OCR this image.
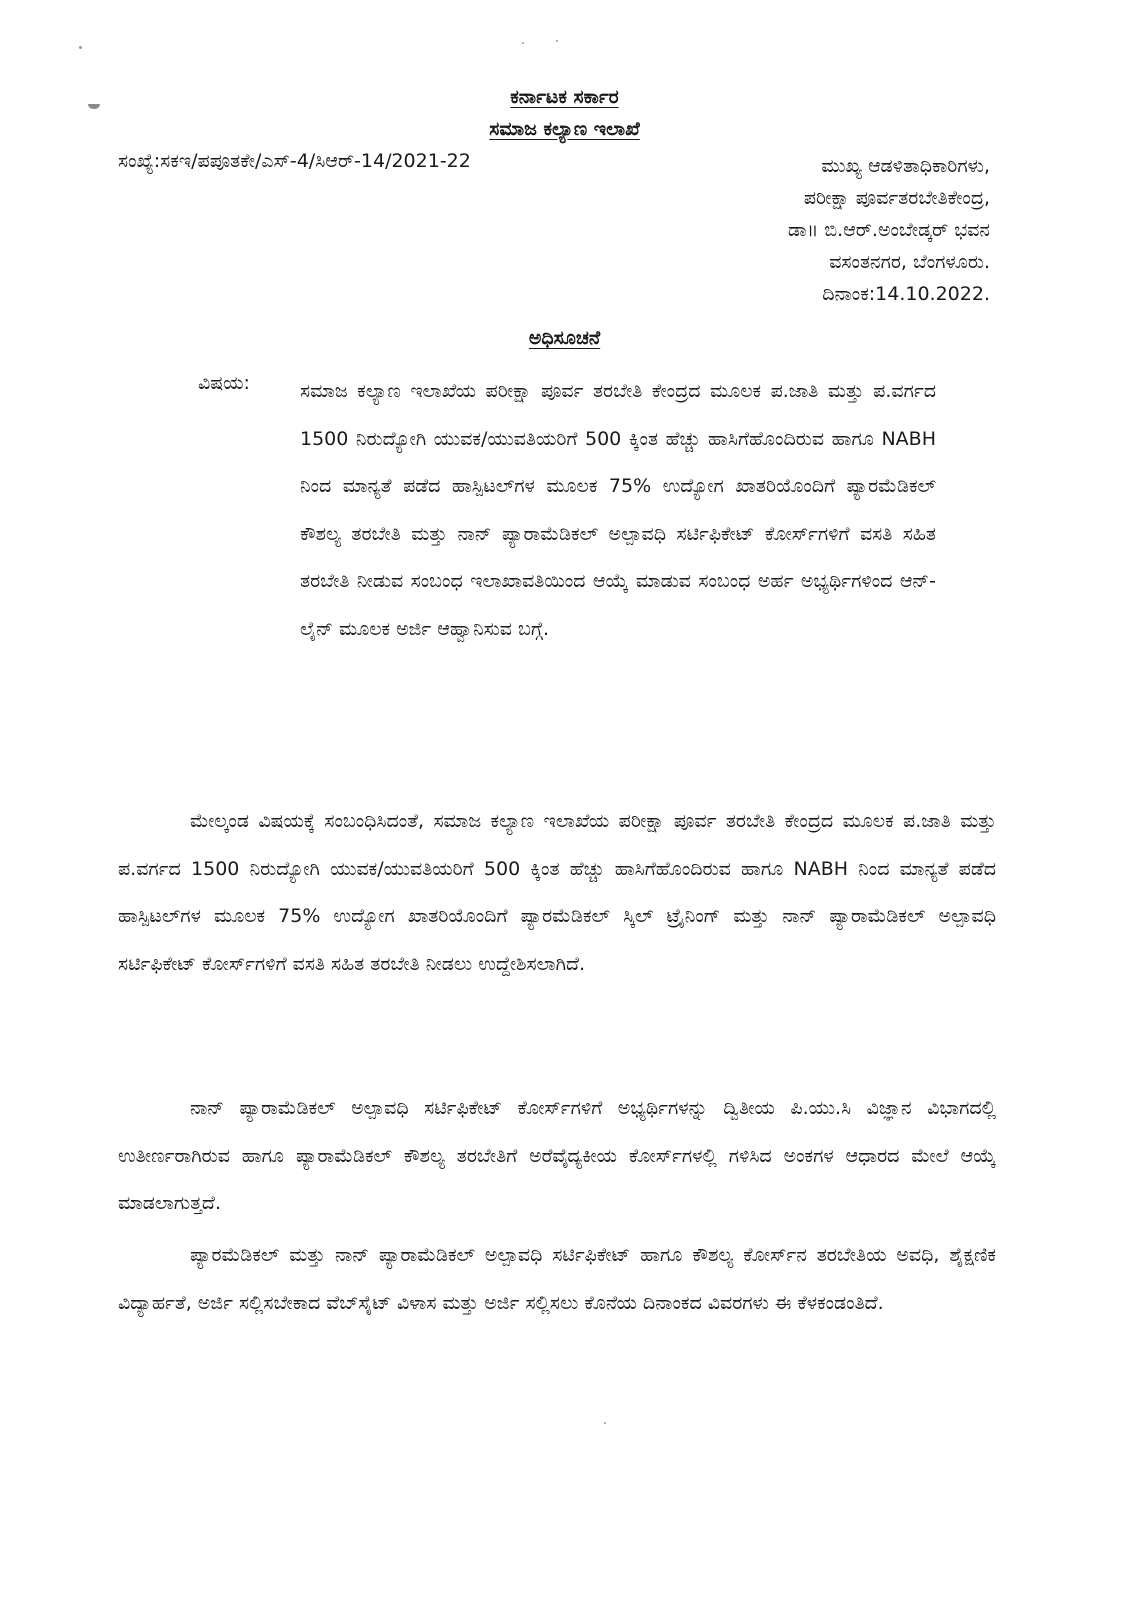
ಕರ್ನಾಟಕ ಸರ್ಕಾರ
ಸಮಾಜ ಕಲ್ಯಾಣ ಇಲಾಖೆ
ಸಂಖ್ಯೆ:ಸಕಇ/ಪಪೂತಕೇ/ಎಸ್-4/ಸಿಆರ್-14/2021-22	ಮುಖ್ಯ ಆಡಳಿತಾಧಿಕಾರಿಗಳು,
ಪರೀಕ್ಷಾ ಪೂರ್ವತರಬೇತಿಕೇಂದ್ರ,
ಡಾ॥ ಬಿ.ಆರ್.ಅಂಬೇಡ್ಕರ್ ಭವನ
ವಸಂತನಗರ, ಬೆಂಗಳೂರು.
ದಿನಾಂಕ:14.10.2022.
ಅಧಿಸೂಚನೆ
ವಿಷಯ:	ಸಮಾಜ ಕಲ್ಯಾಣ ಇಲಾಖೆಯ ಪರೀಕ್ಷಾ ಪೂರ್ವ ತರಬೇತಿ ಕೇಂದ್ರದ ಮೂಲಕ ಪ.ಜಾತಿ ಮತ್ತು ಪ.ವರ್ಗದ 1500 ನಿರುದ್ಯೋಗಿ ಯುವಕ/ಯುವತಿಯರಿಗೆ 500 ಕ್ಕಿಂತ ಹೆಚ್ಚು ಹಾಸಿಗೆಹೊಂದಿರುವ ಹಾಗೂ NABH ನಿಂದ ಮಾನ್ಯತೆ ಪಡೆದ ಹಾಸ್ಪಿಟಲ್‌ಗಳ ಮೂಲಕ 75% ಉದ್ಯೋಗ ಖಾತರಿಯೊಂದಿಗೆ ಪ್ಯಾರಮೆಡಿಕಲ್ ಕೌಶಲ್ಯ ತರಬೇತಿ ಮತ್ತು ನಾನ್ ಪ್ಯಾರಾಮೆಡಿಕಲ್ ಅಲ್ಪಾವಧಿ ಸರ್ಟಿಫಿಕೇಟ್ ಕೋರ್ಸ್‌ಗಳಿಗೆ ವಸತಿ ಸಹಿತ ತರಬೇತಿ ನೀಡುವ ಸಂಬಂಧ ಇಲಾಖಾವತಿಯಿಂದ ಆಯ್ಕೆ ಮಾಡುವ ಸಂಬಂಧ ಅರ್ಹ ಅಭ್ಯರ್ಥಿಗಳಿಂದ ಆನ್-ಲೈನ್ ಮೂಲಕ ಅರ್ಜಿ ಆಹ್ವಾನಿಸುವ ಬಗ್ಗೆ.
ಮೇಲ್ಕಂಡ ವಿಷಯಕ್ಕೆ ಸಂಬಂಧಿಸಿದಂತೆ, ಸಮಾಜ ಕಲ್ಯಾಣ ಇಲಾಖೆಯ ಪರೀಕ್ಷಾ ಪೂರ್ವ ತರಬೇತಿ ಕೇಂದ್ರದ ಮೂಲಕ ಪ.ಜಾತಿ ಮತ್ತು ಪ.ವರ್ಗದ 1500 ನಿರುದ್ಯೋಗಿ ಯುವಕ/ಯುವತಿಯರಿಗೆ 500 ಕ್ಕಿಂತ ಹೆಚ್ಚು ಹಾಸಿಗೆಹೊಂದಿರುವ ಹಾಗೂ NABH ನಿಂದ ಮಾನ್ಯತೆ ಪಡೆದ ಹಾಸ್ಪಿಟಲ್‌ಗಳ ಮೂಲಕ 75% ಉದ್ಯೋಗ ಖಾತರಿಯೊಂದಿಗೆ ಪ್ಯಾರಮೆಡಿಕಲ್ ಸ್ಕಿಲ್ ಟ್ರೈನಿಂಗ್ ಮತ್ತು ನಾನ್ ಪ್ಯಾರಾಮೆಡಿಕಲ್ ಅಲ್ಪಾವಧಿ ಸರ್ಟಿಫಿಕೇಟ್ ಕೋರ್ಸ್‌ಗಳಿಗೆ ವಸತಿ ಸಹಿತ ತರಬೇತಿ ನೀಡಲು ಉದ್ದೇಶಿಸಲಾಗಿದೆ.
ನಾನ್ ಪ್ಯಾರಾಮೆಡಿಕಲ್ ಅಲ್ಪಾವಧಿ ಸರ್ಟಿಫಿಕೇಟ್ ಕೋರ್ಸ್‌ಗಳಿಗೆ ಅಭ್ಯರ್ಥಿಗಳನ್ನು ದ್ವಿತೀಯ ಪಿ.ಯು.ಸಿ ವಿಜ್ಞಾನ ವಿಭಾಗದಲ್ಲಿ ಉತೀರ್ಣರಾಗಿರುವ ಹಾಗೂ ಪ್ಯಾರಾಮೆಡಿಕಲ್ ಕೌಶಲ್ಯ ತರಬೇತಿಗೆ ಅರೆವೈದ್ಯಕೀಯ ಕೋರ್ಸ್‌ಗಳಲ್ಲಿ ಗಳಿಸಿದ ಅಂಕಗಳ ಆಧಾರದ ಮೇಲೆ ಆಯ್ಕೆ ಮಾಡಲಾಗುತ್ತದೆ.
ಪ್ಯಾರಮೆಡಿಕಲ್ ಮತ್ತು ನಾನ್ ಪ್ಯಾರಾಮೆಡಿಕಲ್ ಅಲ್ಪಾವಧಿ ಸರ್ಟಿಫಿಕೇಟ್ ಹಾಗೂ ಕೌಶಲ್ಯ ಕೋರ್ಸ್‌ನ ತರಬೇತಿಯ ಅವಧಿ, ಶೈಕ್ಷಣಿಕ ವಿದ್ಯಾರ್ಹತೆ, ಅರ್ಜಿ ಸಲ್ಲಿಸಬೇಕಾದ ವೆಬ್‌ಸೈಟ್ ವಿಳಾಸ ಮತ್ತು ಅರ್ಜಿ ಸಲ್ಲಿಸಲು ಕೊನೆಯ ದಿನಾಂಕದ ವಿವರಗಳು ಈ ಕೆಳಕಂಡಂತಿದೆ.
